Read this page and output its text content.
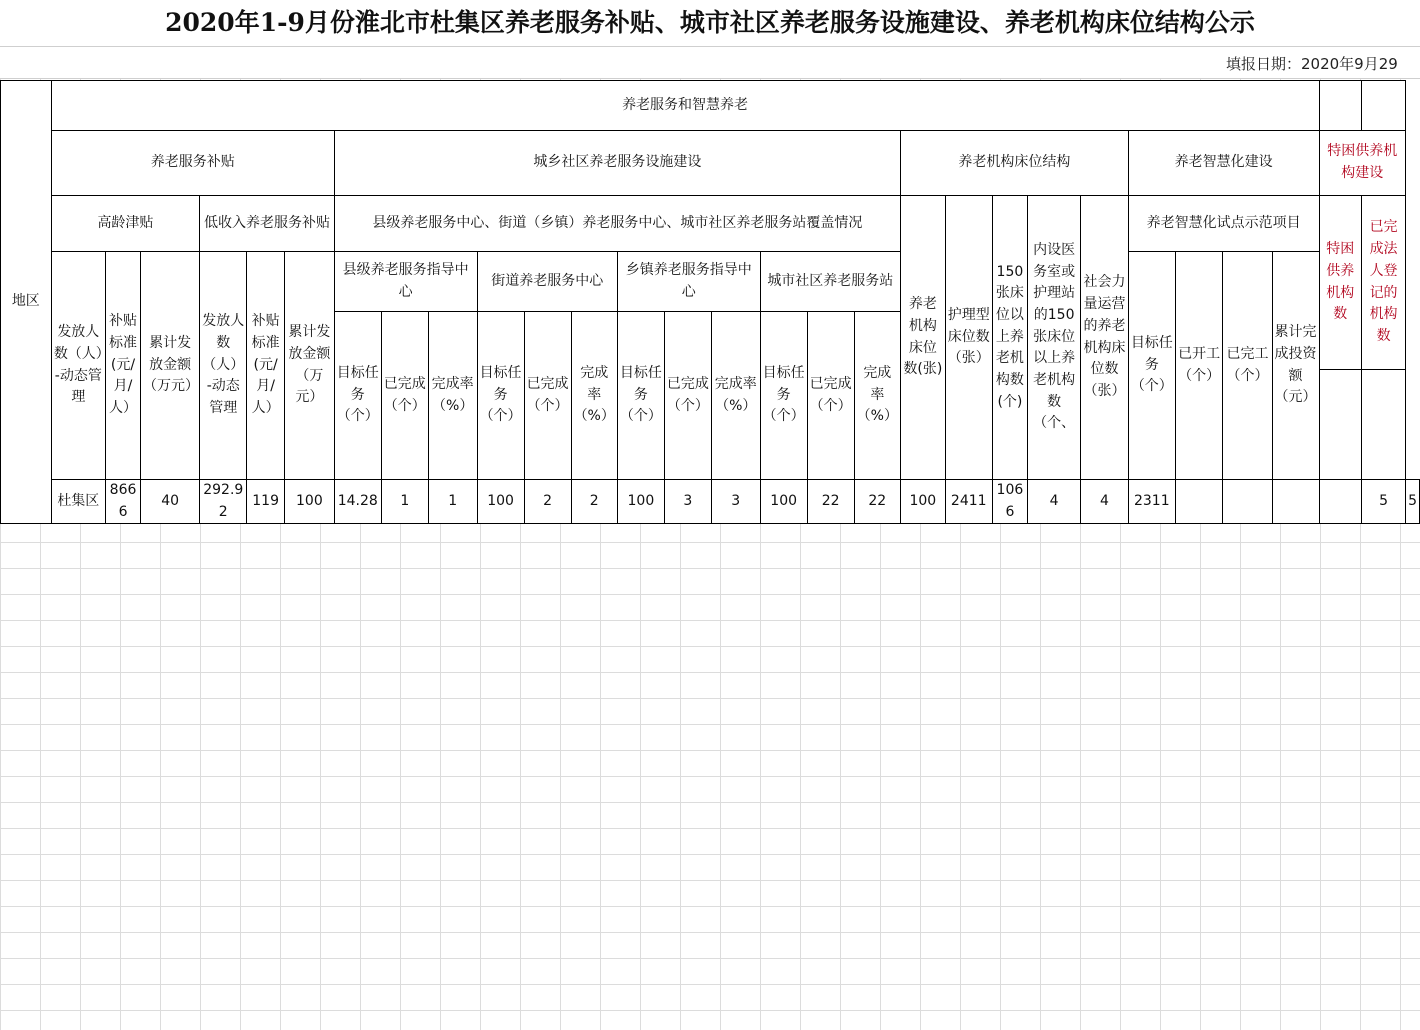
2020年1-9月份淮北市杜集区养老服务补贴、城市社区养老服务设施建设、养老机构床位结构公示
填报日期：2020年9月29
地区	养老服务和智慧养老																													
	养老服务补贴						城乡社区养老服务设施建设												养老机构床位结构					养老智慧化建设				特困供养机构建设		
	高龄津贴			低收入养老服务补贴			县级养老服务中心、街道（乡镇）养老服务中心、城市社区养老服务站覆盖情况												养老机构床位数(张)	护理型床位数（张）	150张床位以上养老机构数(个)	内设医务室或护理站的150张床位以上养老机构数（个、	社会力量运营的养老机构床位数（张）	养老智慧化试点示范项目				特困供养机构数	已完成法人登记的机构数	
	发放人数（人）-动态管理	补贴标准(元/月/人）	累计发放金额（万元）	发放人数（人）-动态管理	补贴标准(元/月/人）	累计发放金额（万元）	县级养老服务指导中心			街道养老服务中心			乡镇养老服务指导中心			城市社区养老服务站								目标任务（个）	已开工（个）	已完工（个）	累计完成投资额（元）			
							目标任务（个）	已完成（个）	完成率（%）	目标任务（个）	已完成（个）	完成率（%）	目标任务（个）	已完成（个）	完成率（%）	目标任务（个）	已完成（个）	完成率（%）												

	杜集区	8666	40	292.92	119	100	14.28	1	1	100	2	2	100	3	3	100	22	22	100	2411	1066	4	4	2311					5	5
